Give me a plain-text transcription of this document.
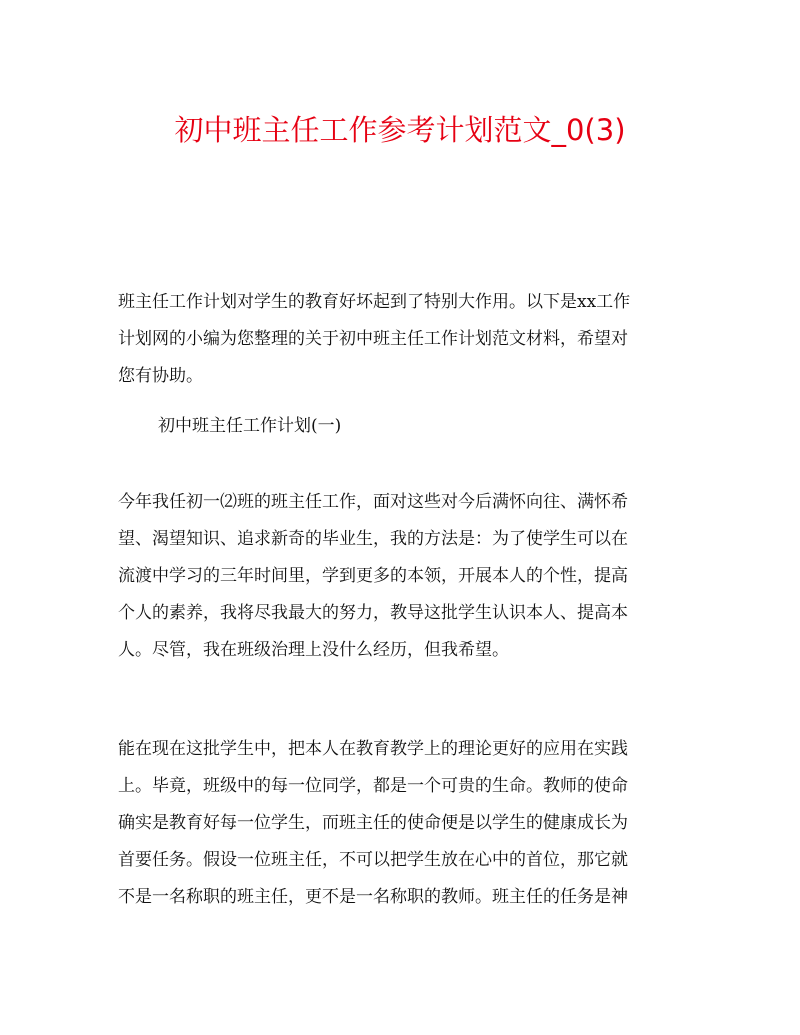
初中班主任工作参考计划范文_0(3)
班主任工作计划对学生的教育好坏起到了特别大作用。以下是xx工作
计划网的小编为您整理的关于初中班主任工作计划范文材料，希望对
您有协助。
初中班主任工作计划(一)
今年我任初一⑵班的班主任工作，面对这些对今后满怀向往、满怀希
望、渴望知识、追求新奇的毕业生，我的方法是：为了使学生可以在
流渡中学习的三年时间里，学到更多的本领，开展本人的个性，提高
个人的素养，我将尽我最大的努力，教导这批学生认识本人、提高本
人。尽管，我在班级治理上没什么经历，但我希望。
能在现在这批学生中，把本人在教育教学上的理论更好的应用在实践
上。毕竟，班级中的每一位同学，都是一个可贵的生命。教师的使命
确实是教育好每一位学生，而班主任的使命便是以学生的健康成长为
首要任务。假设一位班主任，不可以把学生放在心中的首位，那它就
不是一名称职的班主任，更不是一名称职的教师。班主任的任务是神
